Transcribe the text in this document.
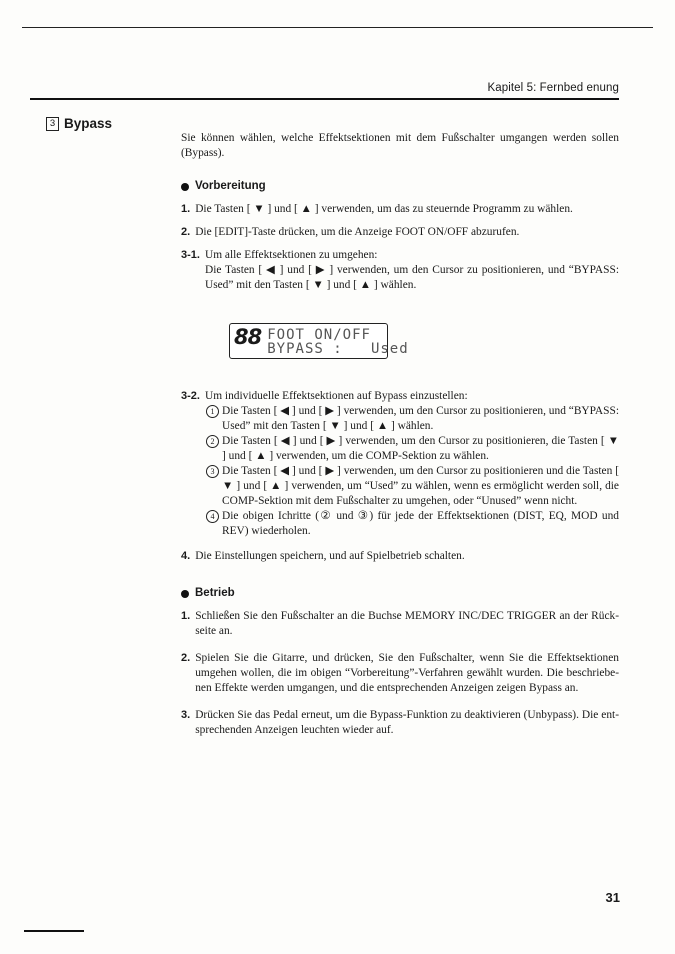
Kapitel 5: Fernbed enung
3 Bypass

Sie können wählen, welche Effektsektionen mit dem Fußschalter umgangen werden sollen (Bypass).

Vorbereitung
1. Die Tasten [ ▼ ] und [ ▲ ] verwenden, um das zu steuernde Programm zu wählen.
2. Die [EDIT]-Taste drücken, um die Anzeige FOOT ON/OFF abzurufen.
3-1. Um alle Effektsektionen zu umgehen:
Die Tasten [ ◀ ] und [ ▶ ] verwenden, um den Cursor zu positionieren, und “BYPASS: Used” mit den Tasten [ ▼ ] und [ ▲ ] wählen.
88 FOOT ON/OFF
BYPASS :   Used
3-2. Um individuelle Effektsektionen auf Bypass einzustellen:
1 Die Tasten [ ◀ ] und [ ▶ ] verwenden, um den Cursor zu positionieren, und “BYPASS: Used” mit den Tasten [ ▼ ] und [ ▲ ] wählen.
2 Die Tasten [ ◀ ] und [ ▶ ] verwenden, um den Cursor zu positionieren, die Tasten [ ▼ ] und [ ▲ ] verwenden, um die COMP-Sektion zu wählen.
3 Die Tasten [ ◀ ] und [ ▶ ] verwenden, um den Cursor zu positionieren und die Tasten [ ▼ ] und [ ▲ ] verwenden, um “Used” zu wählen, wenn es ermöglicht werden soll, die COMP-Sektion mit dem Fußschalter zu umgehen, oder “Unused” wenn nicht.
4 Die obigen Ichritte (② und ③) für jede der Effektsektionen (DIST, EQ, MOD und REV) wiederholen.
4. Die Einstellungen speichern, und auf Spielbetrieb schalten.
Betrieb
1. Schließen Sie den Fußschalter an die Buchse MEMORY INC/DEC TRIGGER an der Rück-seite an.
2. Spielen Sie die Gitarre, und drücken, Sie den Fußschalter, wenn Sie die Effektsektionen umgehen wollen, die im obigen “Vorbereitung”-Verfahren gewählt wurden. Die beschriebe-nen Effekte werden umgangen, und die entsprechenden Anzeigen zeigen Bypass an.
3. Drücken Sie das Pedal erneut, um die Bypass-Funktion zu deaktivieren (Unbypass). Die ent-sprechenden Anzeigen leuchten wieder auf.
31
